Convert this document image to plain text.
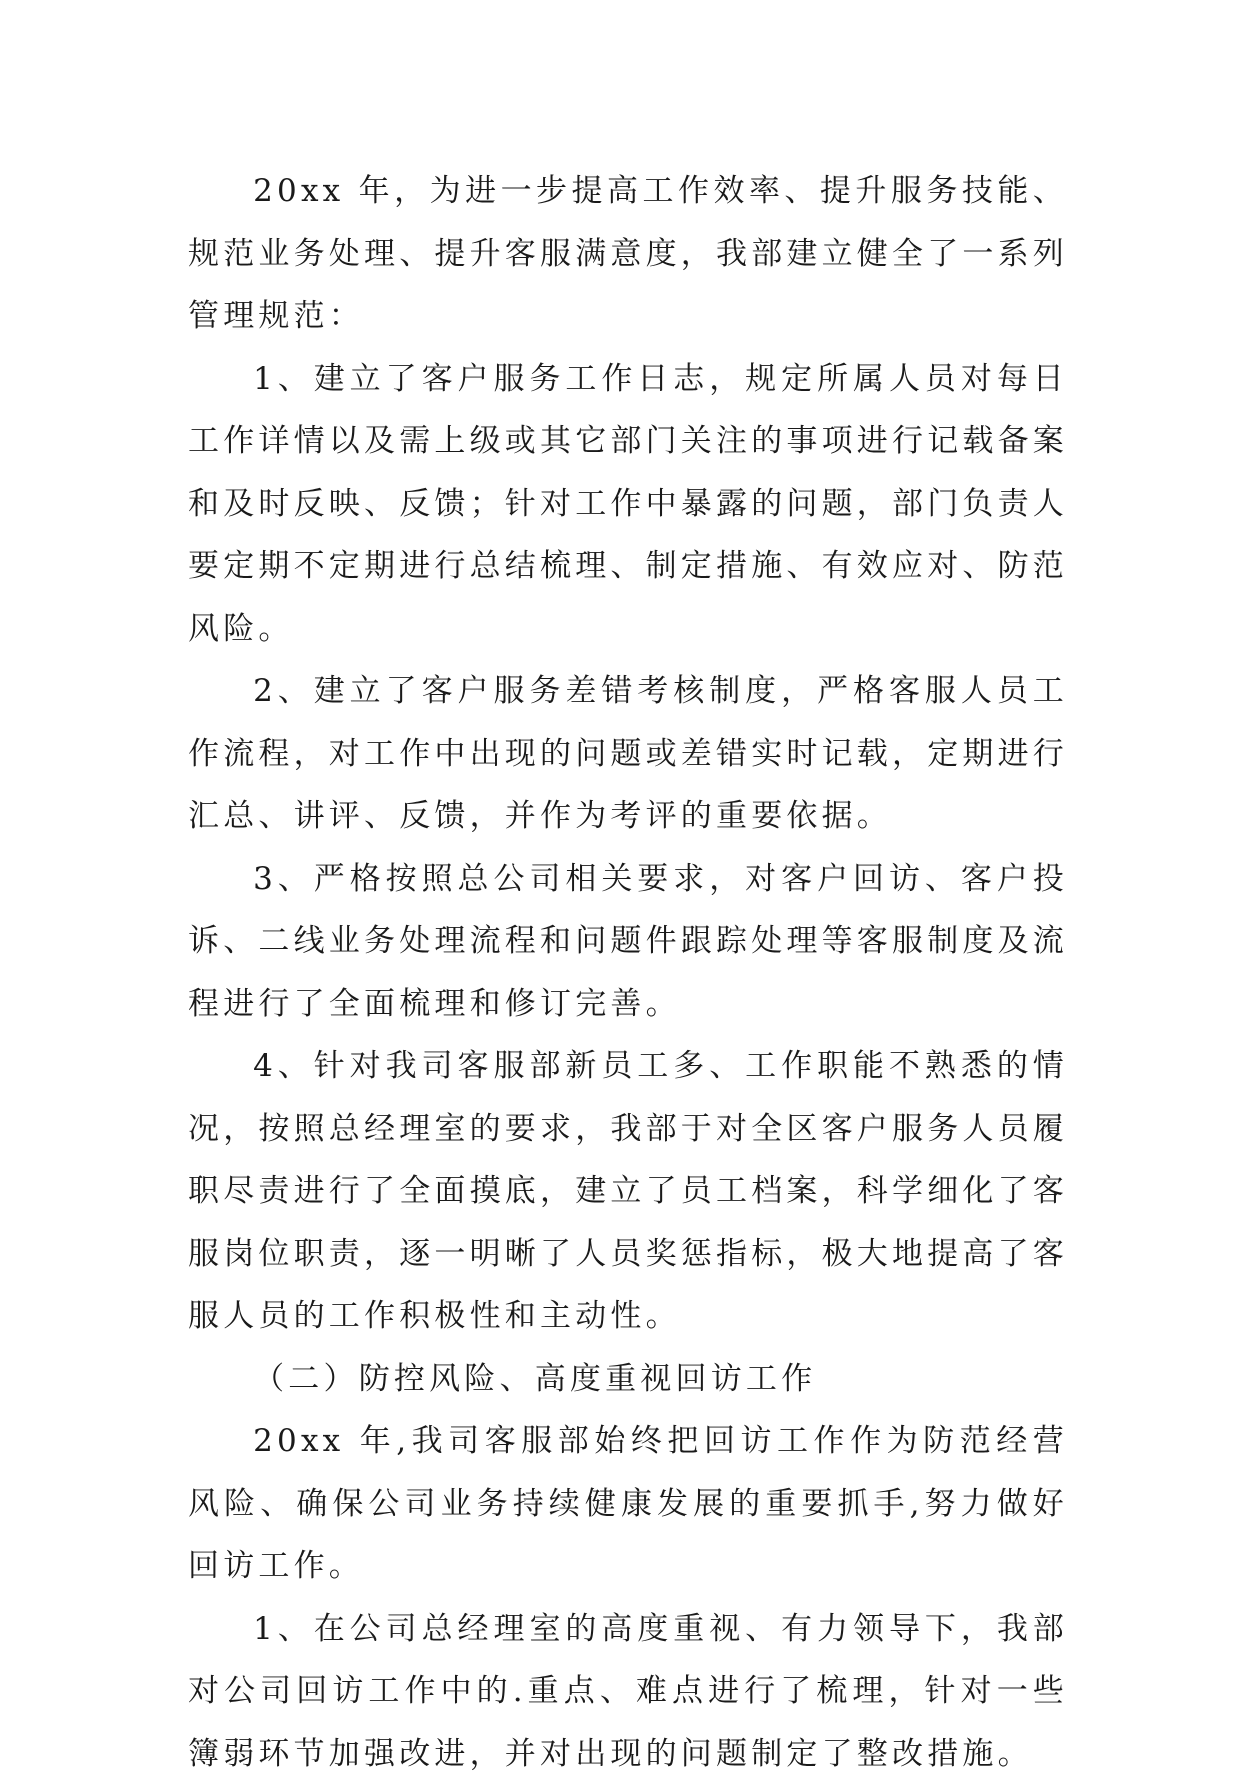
20xx 年，为进一步提高工作效率、提升服务技能、规范业务处理、提升客服满意度，我部建立健全了一系列管理规范：

1、建立了客户服务工作日志，规定所属人员对每日工作详情以及需上级或其它部门关注的事项进行记载备案和及时反映、反馈；针对工作中暴露的问题，部门负责人要定期不定期进行总结梳理、制定措施、有效应对、防范风险。

2、建立了客户服务差错考核制度，严格客服人员工作流程，对工作中出现的问题或差错实时记载，定期进行汇总、讲评、反馈，并作为考评的重要依据。

3、严格按照总公司相关要求，对客户回访、客户投诉、二线业务处理流程和问题件跟踪处理等客服制度及流程进行了全面梳理和修订完善。

4、针对我司客服部新员工多、工作职能不熟悉的情况，按照总经理室的要求，我部于对全区客户服务人员履职尽责进行了全面摸底，建立了员工档案，科学细化了客服岗位职责，逐一明晰了人员奖惩指标，极大地提高了客服人员的工作积极性和主动性。

（二）防控风险、高度重视回访工作

20xx 年,我司客服部始终把回访工作作为防范经营风险、确保公司业务持续健康发展的重要抓手,努力做好回访工作。

1、在公司总经理室的高度重视、有力领导下，我部对公司回访工作中的.重点、难点进行了梳理，针对一些簿弱环节加强改进，并对出现的问题制定了整改措施。
